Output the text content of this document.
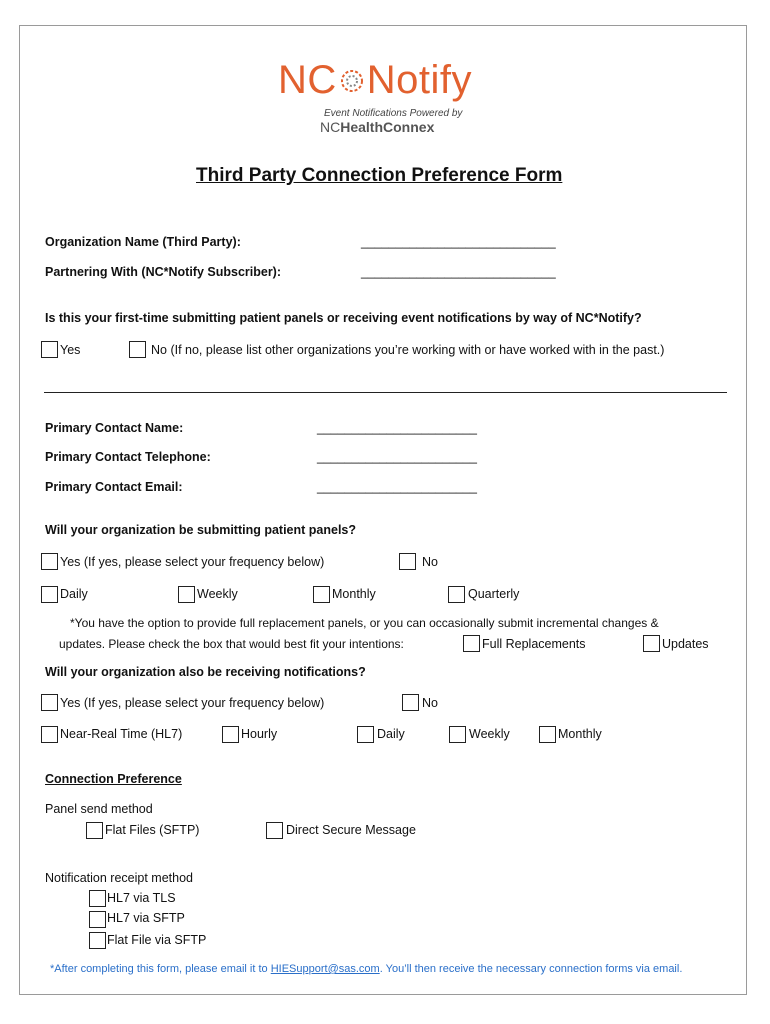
NC Notify
Event Notifications Powered by
NCHealthConnex
Third Party Connection Preference Form
Organization Name (Third Party):	____________________________
Partnering With (NC*Notify Subscriber):	____________________________
Is this your first-time submitting patient panels or receiving event notifications by way of NC*Notify?
Yes	No (If no, please list other organizations you’re working with or have worked with in the past.)
Primary Contact Name:	_______________________
Primary Contact Telephone:	_______________________
Primary Contact Email:	_______________________
Will your organization be submitting patient panels?
Yes (If yes, please select your frequency below)	No
Daily	Weekly	Monthly	Quarterly
*You have the option to provide full replacement panels, or you can occasionally submit incremental changes &
updates. Please check the box that would best fit your intentions:	Full Replacements	Updates
Will your organization also be receiving notifications?
Yes (If yes, please select your frequency below)	No
Near-Real Time (HL7)	Hourly	Daily	Weekly	Monthly
Connection Preference
Panel send method
Flat Files (SFTP)	Direct Secure Message
Notification receipt method
HL7 via TLS
HL7 via SFTP
Flat File via SFTP
*After completing this form, please email it to HIESupport@sas.com. You’ll then receive the necessary connection forms via email.
